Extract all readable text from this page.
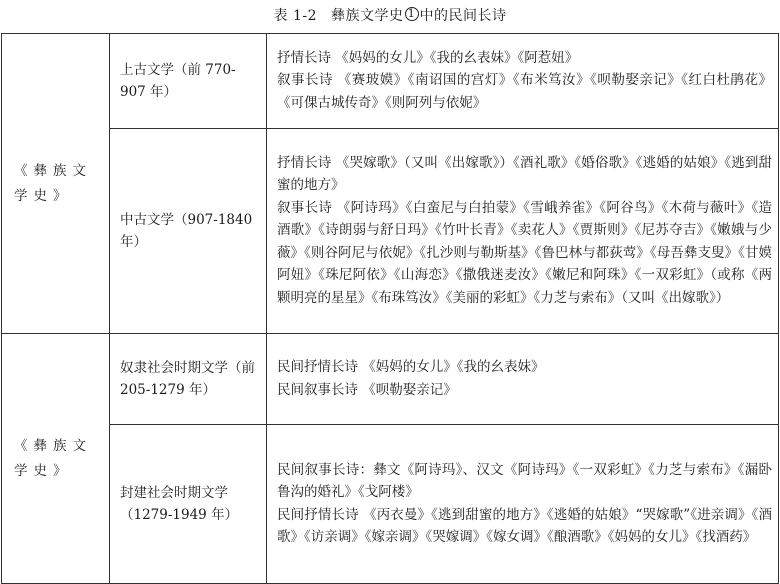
表 1-2 彝族文学史 1 中的民间长诗
《彝族文学史》	上古文学（前 770-907 年）	抒情长诗 《妈妈的女儿》《我的幺表妹》《阿惹妞》
叙事长诗 《赛玻嫫》《南诏国的宫灯》《布米笃汝》《呗勒娶亲记》《红白杜鹃花》《可倮古城传奇》《则阿列与依妮》

	中古文学（907-1840 年）	抒情长诗 《哭嫁歌》（又叫《出嫁歌》）《酒礼歌》《婚俗歌》《逃婚的姑娘》《逃到甜蜜的地方》
叙事长诗 《阿诗玛》《白蛮尼与白拍蒙》《雪峨养雀》《阿谷鸟》《木荷与薇叶》《造酒歌》《诗朗弱与舒日玛》《竹叶长青》《卖花人》《贾斯则》《尼苏夺吉》《嫩娥与少薇》《则谷阿尼与依妮》《扎沙则与勒斯基》《鲁巴林与都荻莺》《母吾彝支叟》《甘嫫阿妞》《珠尼阿依》《山海恋》《撒俄迷麦汝》《嫩尼和阿珠》《一双彩虹》（或称《两颗明亮的星星》《布珠笃汝》《美丽的彩虹》《力芝与索布》（又叫《出嫁歌》）

《彝族文学史》	奴隶社会时期文学（前 205-1279 年）	民间抒情长诗 《妈妈的女儿》《我的幺表妹》
民间叙事长诗 《呗勒娶亲记》

	封建社会时期文学（1279-1949 年）	民间叙事长诗：彝文《阿诗玛》、汉文《阿诗玛》《一双彩虹》《力芝与索布》《漏卧鲁沟的婚礼》《戈阿楼》
民间抒情长诗 《丙衣曼》《逃到甜蜜的地方》《逃婚的姑娘》“哭嫁歌”《进亲调》《酒歌》《访亲调》《嫁亲调》《哭嫁调》《嫁女调》《酿酒歌》《妈妈的女儿》《找酒药》
